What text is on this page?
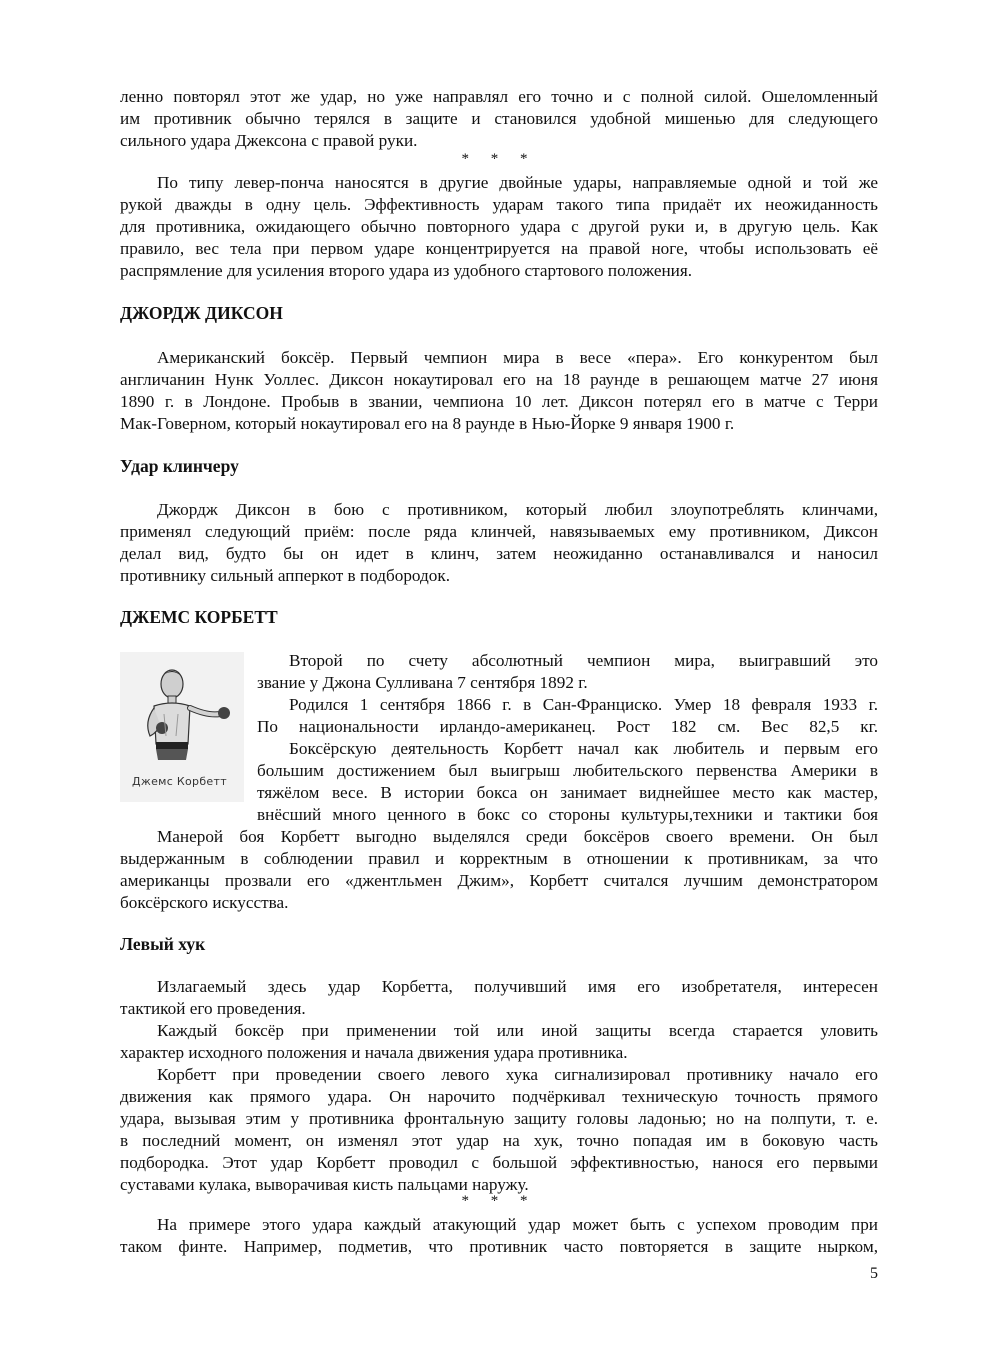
ленно повторял этот же удар, но уже направлял его точно и с полной силой. Ошеломленный
им противник обычно терялся в защите и становился удобной мишенью для следующего
сильного удара Джексона с правой руки.
* * *
По типу левер-понча наносятся в другие двойные удары, направляемые одной и той же
рукой дважды в одну цель. Эффективность ударам такого типа придаёт их неожиданность
для противника, ожидающего обычно повторного удара с другой руки и, в другую цель. Как
правило, вес тела при первом ударе концентрируется на правой ноге, чтобы использовать её
распрямление для усиления второго удара из удобного стартового положения.
ДЖОРДЖ ДИКСОН
Американский боксёр. Первый чемпион мира в весе «пера». Его конкурентом был
англичанин Нунк Уоллес. Диксон нокаутировал его на 18 раунде в решающем матче 27 июня
1890 г. в Лондоне. Пробыв в звании, чемпиона 10 лет. Диксон потерял его в матче с Терри
Мак-Говерном, который нокаутировал его на 8 раунде в Нью-Йорке 9 января 1900 г.
Удар клинчеру
Джордж Диксон в бою с противником, который любил злоупотреблять клинчами,
применял следующий приём: после ряда клинчей, навязываемых ему противником, Диксон
делал вид, будто бы он идет в клинч, затем неожиданно останавливался и наносил
противнику сильный апперкот в подбородок.
ДЖЕМС КОРБЕТТ
Джемс Корбетт
Второй по счету абсолютный чемпион мира, выигравший это
звание у Джона Сулливана 7 сентября 1892 г.
Родился 1 сентября 1866 г. в Сан-Франциско. Умер 18 февраля 1933 г.
По национальности ирландо-американец. Рост 182 см. Вес 82,5 кг.
Боксёрскую деятельность Корбетт начал как любитель и первым его
большим достижением был выигрыш любительского первенства Америки в
тяжёлом весе. В истории бокса он занимает виднейшее место как мастер,
внёсший много ценного в бокс со стороны культуры,техники и тактики боя
Манерой боя Корбетт выгодно выделялся среди боксёров своего времени. Он был
выдержанным в соблюдении правил и корректным в отношении к противникам, за что
американцы прозвали его «джентльмен Джим», Корбетт считался лучшим демонстратором
боксёрского искусства.
Левый хук
Излагаемый здесь удар Корбетта, получивший имя его изобретателя, интересен
тактикой его проведения.
Каждый боксёр при применении той или иной защиты всегда старается уловить
характер исходного положения и начала движения удара противника.
Корбетт при проведении своего левого хука сигнализировал противнику начало его
движения как прямого удара. Он нарочито подчёркивал техническую точность прямого
удара, вызывая этим у противника фронтальную защиту головы ладонью; но на полпути, т. е.
в последний момент, он изменял этот удар на хук, точно попадая им в боковую часть
подбородка. Этот удар Корбетт проводил с большой эффективностью, нанося его первыми
суставами кулака, выворачивая кисть пальцами наружу.
* * *
На примере этого удара каждый атакующий удар может быть с успехом проводим при
таком финте. Например, подметив, что противник часто повторяется в защите нырком,
5
